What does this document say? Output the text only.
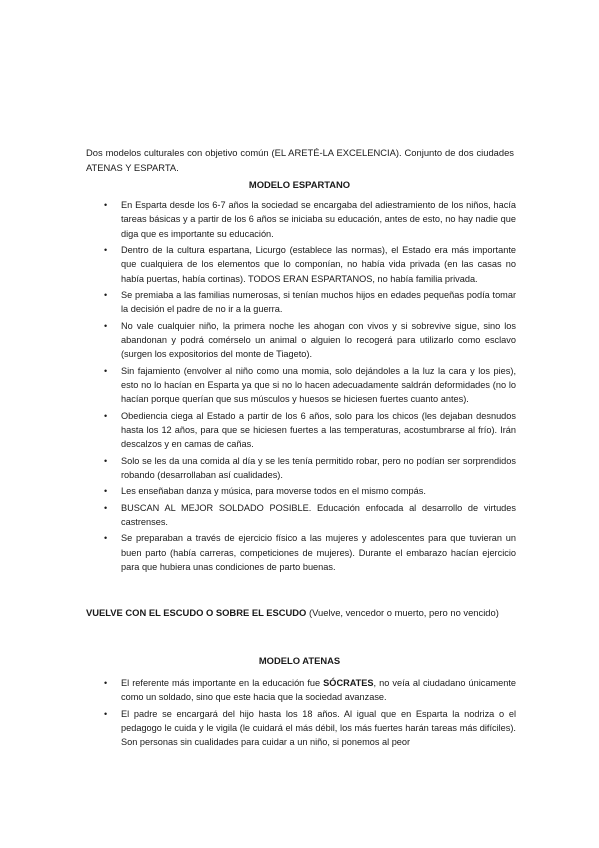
Dos modelos culturales con objetivo común (EL ARETÉ-LA EXCELENCIA). Conjunto de dos ciudades ATENAS Y ESPARTA.

MODELO ESPARTANO
• En Esparta desde los 6-7 años la sociedad se encargaba del adiestramiento de los niños, hacía tareas básicas y a partir de los 6 años se iniciaba su educación, antes de esto, no hay nadie que diga que es importante su educación.
• Dentro de la cultura espartana, Licurgo (establece las normas), el Estado era más importante que cualquiera de los elementos que lo componían, no había vida privada (en las casas no había puertas, había cortinas). TODOS ERAN ESPARTANOS, no había familia privada.
• Se premiaba a las familias numerosas, si tenían muchos hijos en edades pequeñas podía tomar la decisión el padre de no ir a la guerra.
• No vale cualquier niño, la primera noche les ahogan con vivos y si sobrevive sigue, sino los abandonan y podrá comérselo un animal o alguien lo recogerá para utilizarlo como esclavo (surgen los expositorios del monte de Tiageto).
• Sin fajamiento (envolver al niño como una momia, solo dejándoles a la luz la cara y los pies), esto no lo hacían en Esparta ya que si no lo hacen adecuadamente saldrán deformidades (no lo hacían porque querían que sus músculos y huesos se hiciesen fuertes cuanto antes).
• Obediencia ciega al Estado a partir de los 6 años, solo para los chicos (les dejaban desnudos hasta los 12 años, para que se hiciesen fuertes a las temperaturas, acostumbrarse al frío). Irán descalzos y en camas de cañas.
• Solo se les da una comida al día y se les tenía permitido robar, pero no podían ser sorprendidos robando (desarrollaban así cualidades).
• Les enseñaban danza y música, para moverse todos en el mismo compás.
• BUSCAN AL MEJOR SOLDADO POSIBLE. Educación enfocada al desarrollo de virtudes castrenses.
• Se preparaban a través de ejercicio físico a las mujeres y adolescentes para que tuvieran un buen parto (había carreras, competiciones de mujeres). Durante el embarazo hacían ejercicio para que hubiera unas condiciones de parto buenas.
VUELVE CON EL ESCUDO O SOBRE EL ESCUDO (Vuelve, vencedor o muerto, pero no vencido)
MODELO ATENAS
• El referente más importante en la educación fue SÓCRATES, no veía al ciudadano únicamente como un soldado, sino que este hacia que la sociedad avanzase.
• El padre se encargará del hijo hasta los 18 años. Al igual que en Esparta la nodriza o el pedagogo le cuida y le vigila (le cuidará el más débil, los más fuertes harán tareas más difíciles). Son personas sin cualidades para cuidar a un niño, si ponemos al peor
